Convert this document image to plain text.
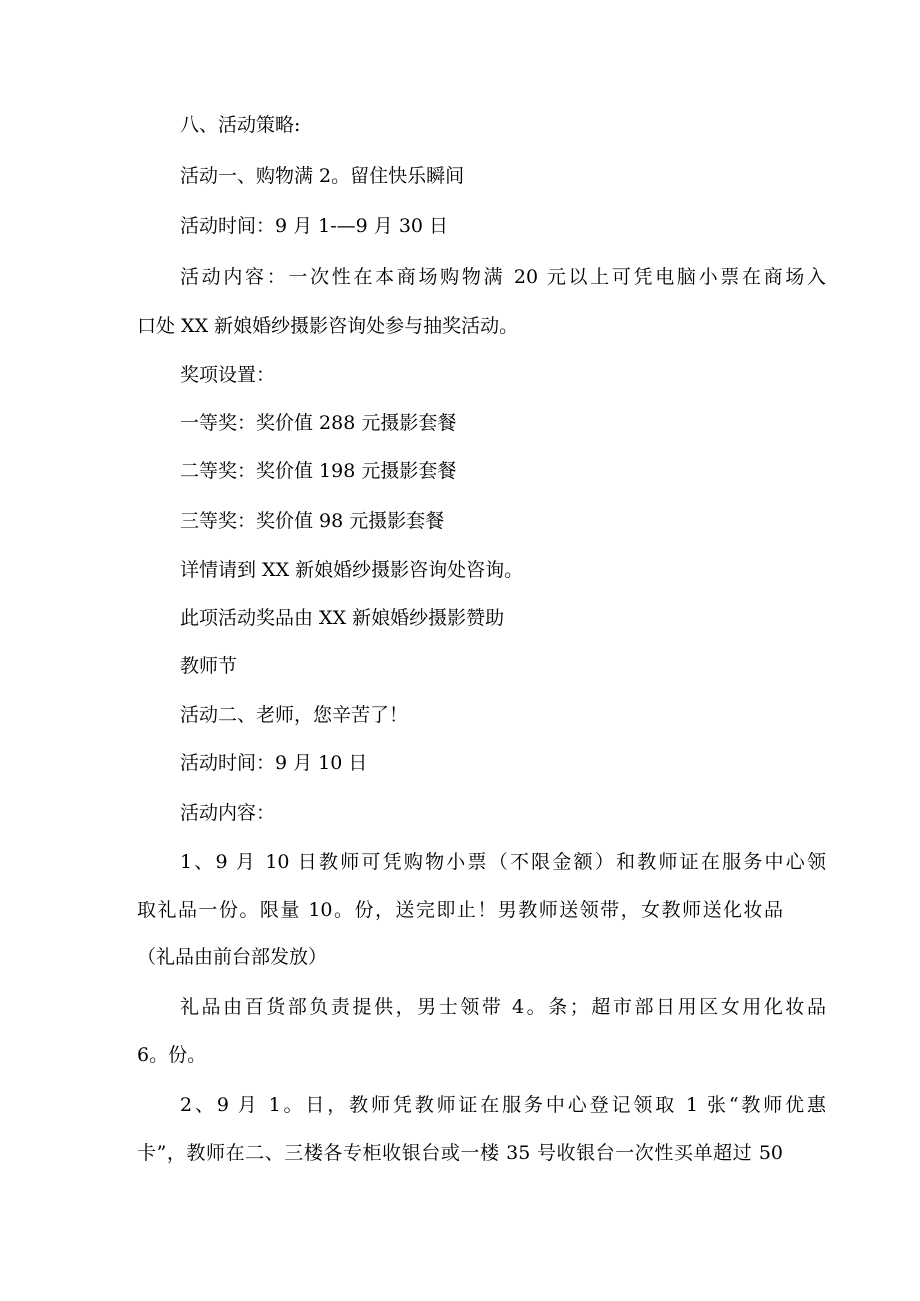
八、活动策略:
活动一、购物满 2。留住快乐瞬间
活动时间：9 月 1-—9 月 30 日
活动内容：一次性在本商场购物满 20 元以上可凭电脑小票在商场入
口处 XX 新娘婚纱摄影咨询处参与抽奖活动。
奖项设置：
一等奖：奖价值 288 元摄影套餐
二等奖：奖价值 198 元摄影套餐
三等奖：奖价值 98 元摄影套餐
详情请到 XX 新娘婚纱摄影咨询处咨询。
此项活动奖品由 XX 新娘婚纱摄影赞助
教师节
活动二、老师，您辛苦了！
活动时间：9 月 10 日
活动内容：
1、9 月 10 日教师可凭购物小票（不限金额）和教师证在服务中心领
取礼品一份。限量 10。份，送完即止！男教师送领带，女教师送化妆品
（礼品由前台部发放）
礼品由百货部负责提供，男士领带 4。条；超市部日用区女用化妆品
6。份。
2、9 月 1。日，教师凭教师证在服务中心登记领取 1 张“教师优惠
卡”，教师在二、三楼各专柜收银台或一楼 35 号收银台一次性买单超过 50
